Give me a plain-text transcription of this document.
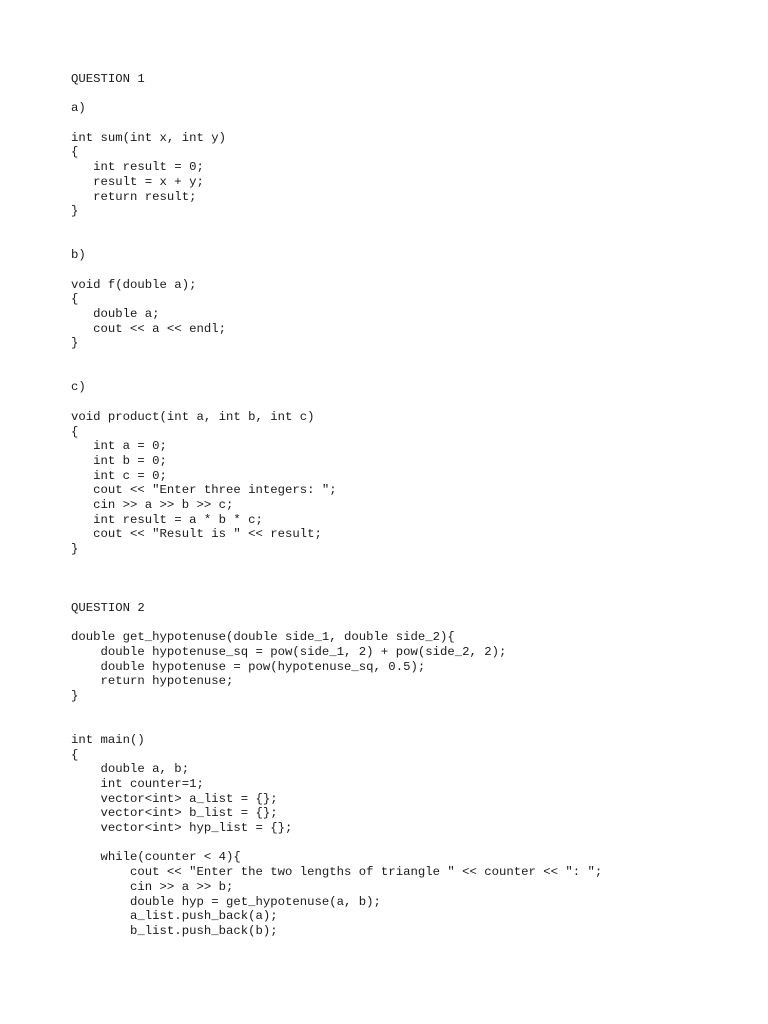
QUESTION 1
a)
int sum(int x, int y)
{
int result = 0;
result = x + y;
return result;
}
b)
void f(double a);
{
double a;
cout << a << endl;
}
c)
void product(int a, int b, int c)
{
int a = 0;
int b = 0;
int c = 0;
cout << "Enter three integers: ";
cin >> a >> b >> c;
int result = a * b * c;
cout << "Result is " << result;
}
QUESTION 2
double get_hypotenuse(double side_1, double side_2){
double hypotenuse_sq = pow(side_1, 2) + pow(side_2, 2);
double hypotenuse = pow(hypotenuse_sq, 0.5);
return hypotenuse;
}
int main()
{
double a, b;
int counter=1;
vector<int> a_list = {};
vector<int> b_list = {};
vector<int> hyp_list = {};
while(counter < 4){
cout << "Enter the two lengths of triangle " << counter << ": ";
cin >> a >> b;
double hyp = get_hypotenuse(a, b);
a_list.push_back(a);
b_list.push_back(b);
